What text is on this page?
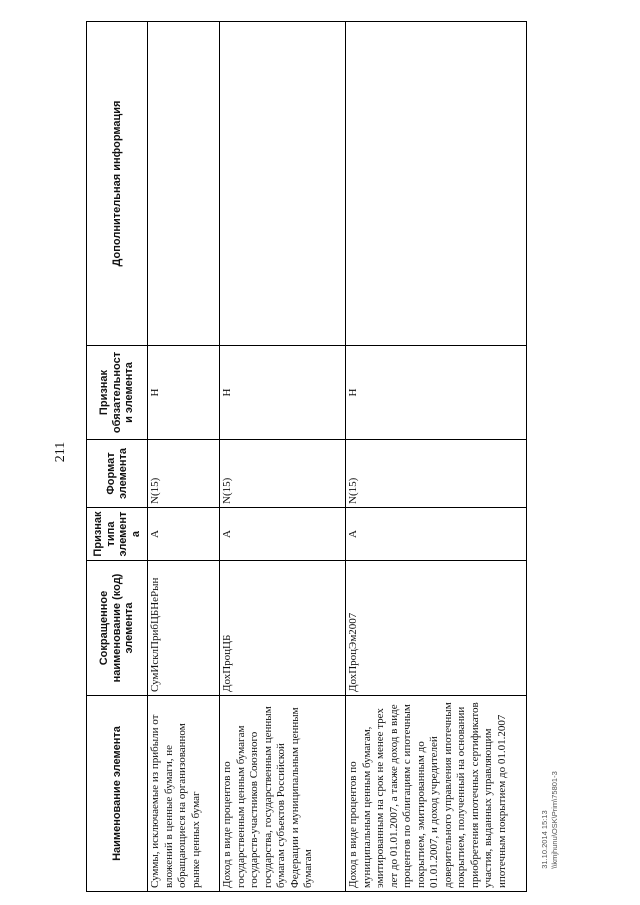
211
Наименование элемента	Сокращенное наименование (код) элемента	Признак типа элемента	Формат элемента	Признак обязательности элемента	Дополнительная информация
Суммы, исключаемые из прибыли от вложений в ценные бумаги, не обращающиеся на организованном рынке ценных бумаг	СумИсклПрибЦБНеРын	А	N(15)	Н	
Доход в виде процентов по государственным ценным бумагам государств-участников Союзного государства, государственным ценным бумагам субъектов Российской Федерации и муниципальным ценным бумагам	ДохПроцЦБ	А	N(15)	Н	
Доход в виде процентов по муниципальным ценным бумагам, эмитированным на срок не менее трех лет до 01.01.2007, а также доход в виде процентов по облигациям с ипотечным покрытием, эмитированным до 01.01.2007, и доход учредителей доверительного управления ипотечным покрытием, полученный на основании приобретения ипотечных сертификатов участия, выданных управляющим ипотечным покрытием до 01.01.2007	ДохПроцЭм2007	А	N(15)	Н	
31.10.2014 15:13 \\kmjhunu\OSK\Prim\75801-3
